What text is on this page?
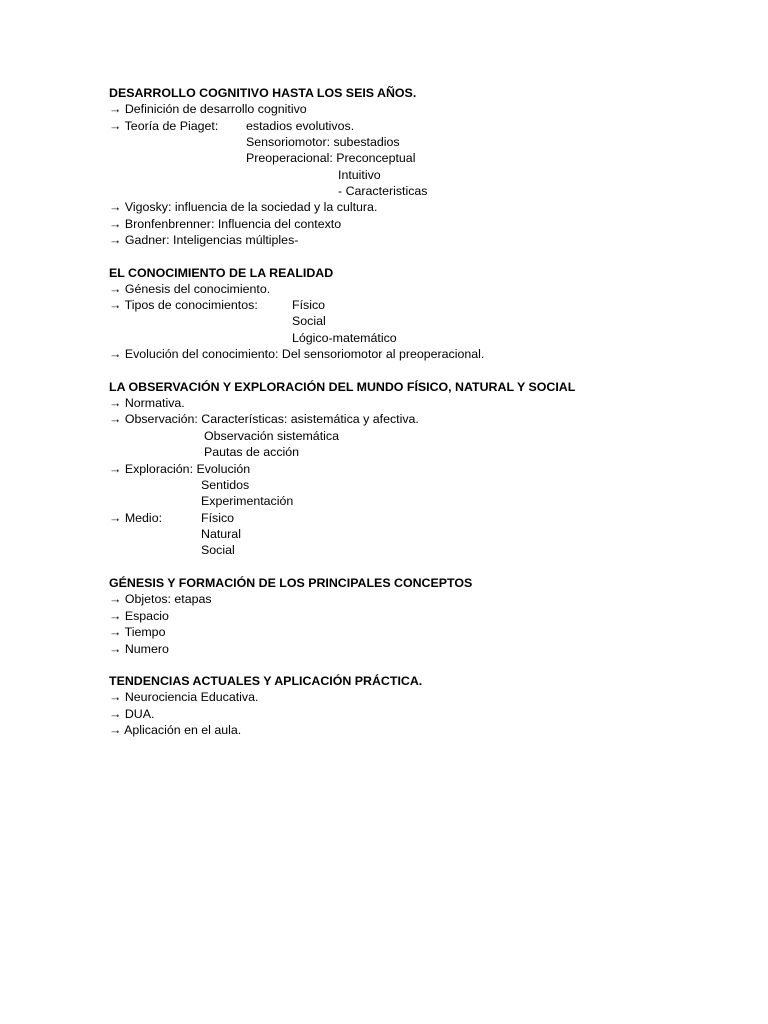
DESARROLLO COGNITIVO HASTA LOS SEIS AÑOS.
→ Definición de desarrollo cognitivo
→ Teoría de Piaget: estadios evolutivos.
Sensoriomotor: subestadios
Preoperacional: Preconceptual
Intuitivo
- Caracteristicas
→ Vigosky: influencia de la sociedad y la cultura.
→ Bronfenbrenner: Influencia del contexto
→ Gadner: Inteligencias múltiples-
EL CONOCIMIENTO DE LA REALIDAD
→ Génesis del conocimiento.
→ Tipos de conocimientos:	Físico
Social
Lógico-matemático
→ Evolución del conocimiento: Del sensoriomotor al preoperacional.
LA OBSERVACIÓN Y EXPLORACIÓN DEL MUNDO FÍSICO, NATURAL Y SOCIAL
→ Normativa.
→ Observación: Características: asistemática y afectiva.
Observación sistemática
Pautas de acción
→ Exploración: Evolución
Sentidos
Experimentación
→ Medio:	Físico
Natural
Social
GÉNESIS Y FORMACIÓN DE LOS PRINCIPALES CONCEPTOS
→ Objetos: etapas
→ Espacio
→ Tiempo
→ Numero
TENDENCIAS ACTUALES Y APLICACIÓN PRÁCTICA.
→ Neurociencia Educativa.
→ DUA.
→ Aplicación en el aula.
